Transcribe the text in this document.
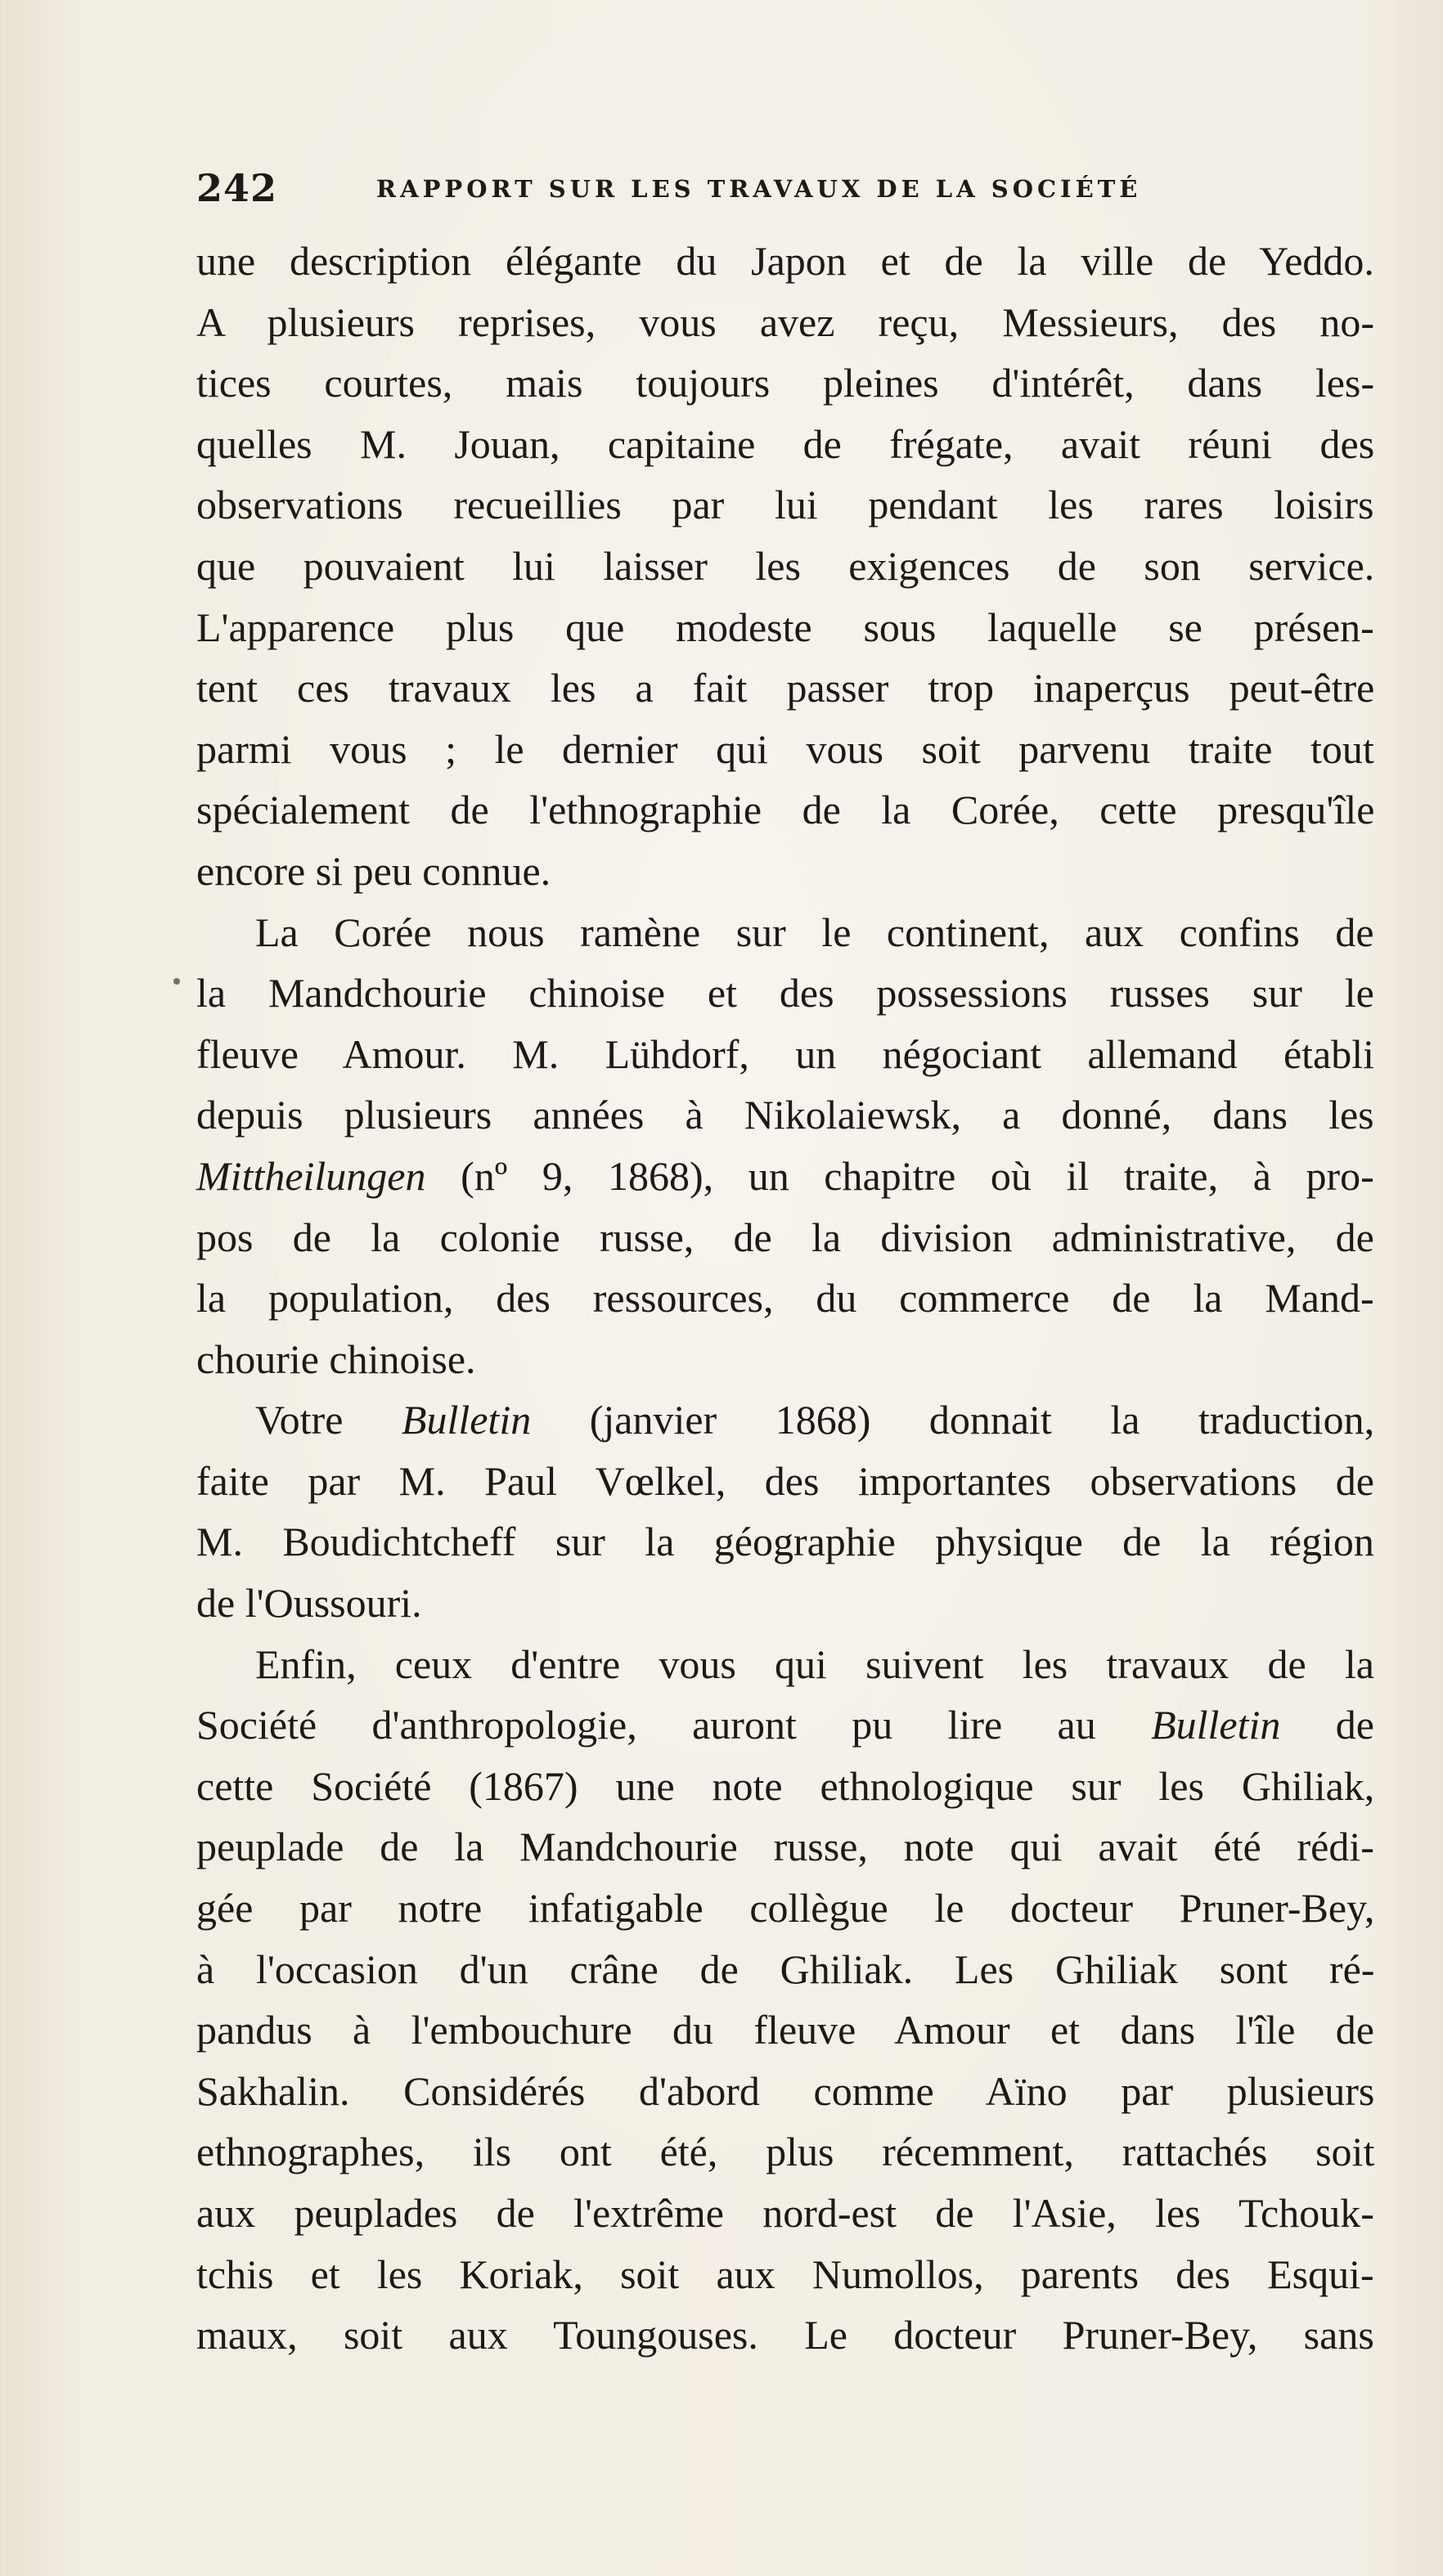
242	RAPPORT SUR LES TRAVAUX DE LA SOCIÉTÉ
une description élégante du Japon et de la ville de Yeddo.
A plusieurs reprises, vous avez reçu, Messieurs, des no-
tices courtes, mais toujours pleines d'intérêt, dans les-
quelles M. Jouan, capitaine de frégate, avait réuni des
observations recueillies par lui pendant les rares loisirs
que pouvaient lui laisser les exigences de son service.
L'apparence plus que modeste sous laquelle se présen-
tent ces travaux les a fait passer trop inaperçus peut-être
parmi vous ; le dernier qui vous soit parvenu traite tout
spécialement de l'ethnographie de la Corée, cette presqu'île
encore si peu connue.
La Corée nous ramène sur le continent, aux confins de
la Mandchourie chinoise et des possessions russes sur le
fleuve Amour. M. Lühdorf, un négociant allemand établi
depuis plusieurs années à Nikolaiewsk, a donné, dans les
Mittheilungen (nº 9, 1868), un chapitre où il traite, à pro-
pos de la colonie russe, de la division administrative, de
la population, des ressources, du commerce de la Mand-
chourie chinoise.
Votre Bulletin (janvier 1868) donnait la traduction,
faite par M. Paul Vœlkel, des importantes observations de
M. Boudichtcheff sur la géographie physique de la région
de l'Oussouri.
Enfin, ceux d'entre vous qui suivent les travaux de la
Société d'anthropologie, auront pu lire au Bulletin de
cette Société (1867) une note ethnologique sur les Ghiliak,
peuplade de la Mandchourie russe, note qui avait été rédi-
gée par notre infatigable collègue le docteur Pruner-Bey,
à l'occasion d'un crâne de Ghiliak. Les Ghiliak sont ré-
pandus à l'embouchure du fleuve Amour et dans l'île de
Sakhalin. Considérés d'abord comme Aïno par plusieurs
ethnographes, ils ont été, plus récemment, rattachés soit
aux peuplades de l'extrême nord-est de l'Asie, les Tchouk-
tchis et les Koriak, soit aux Numollos, parents des Esqui-
maux, soit aux Toungouses. Le docteur Pruner-Bey, sans
